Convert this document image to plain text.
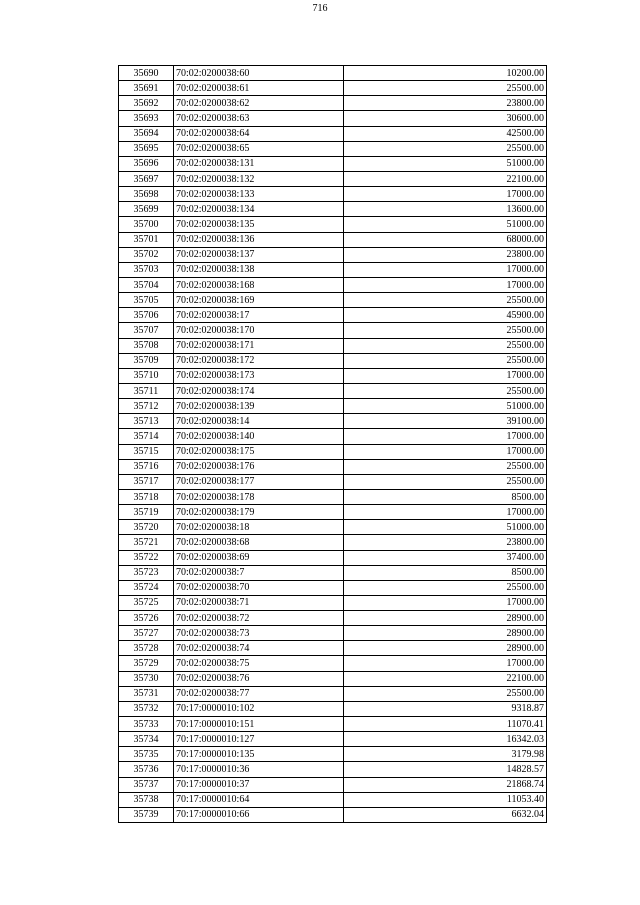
716
35690	70:02:0200038:60	10200.00
35691	70:02:0200038:61	25500.00
35692	70:02:0200038:62	23800.00
35693	70:02:0200038:63	30600.00
35694	70:02:0200038:64	42500.00
35695	70:02:0200038:65	25500.00
35696	70:02:0200038:131	51000.00
35697	70:02:0200038:132	22100.00
35698	70:02:0200038:133	17000.00
35699	70:02:0200038:134	13600.00
35700	70:02:0200038:135	51000.00
35701	70:02:0200038:136	68000.00
35702	70:02:0200038:137	23800.00
35703	70:02:0200038:138	17000.00
35704	70:02:0200038:168	17000.00
35705	70:02:0200038:169	25500.00
35706	70:02:0200038:17	45900.00
35707	70:02:0200038:170	25500.00
35708	70:02:0200038:171	25500.00
35709	70:02:0200038:172	25500.00
35710	70:02:0200038:173	17000.00
35711	70:02:0200038:174	25500.00
35712	70:02:0200038:139	51000.00
35713	70:02:0200038:14	39100.00
35714	70:02:0200038:140	17000.00
35715	70:02:0200038:175	17000.00
35716	70:02:0200038:176	25500.00
35717	70:02:0200038:177	25500.00
35718	70:02:0200038:178	8500.00
35719	70:02:0200038:179	17000.00
35720	70:02:0200038:18	51000.00
35721	70:02:0200038:68	23800.00
35722	70:02:0200038:69	37400.00
35723	70:02:0200038:7	8500.00
35724	70:02:0200038:70	25500.00
35725	70:02:0200038:71	17000.00
35726	70:02:0200038:72	28900.00
35727	70:02:0200038:73	28900.00
35728	70:02:0200038:74	28900.00
35729	70:02:0200038:75	17000.00
35730	70:02:0200038:76	22100.00
35731	70:02:0200038:77	25500.00
35732	70:17:0000010:102	9318.87
35733	70:17:0000010:151	11070.41
35734	70:17:0000010:127	16342.03
35735	70:17:0000010:135	3179.98
35736	70:17:0000010:36	14828.57
35737	70:17:0000010:37	21868.74
35738	70:17:0000010:64	11053.40
35739	70:17:0000010:66	6632.04
